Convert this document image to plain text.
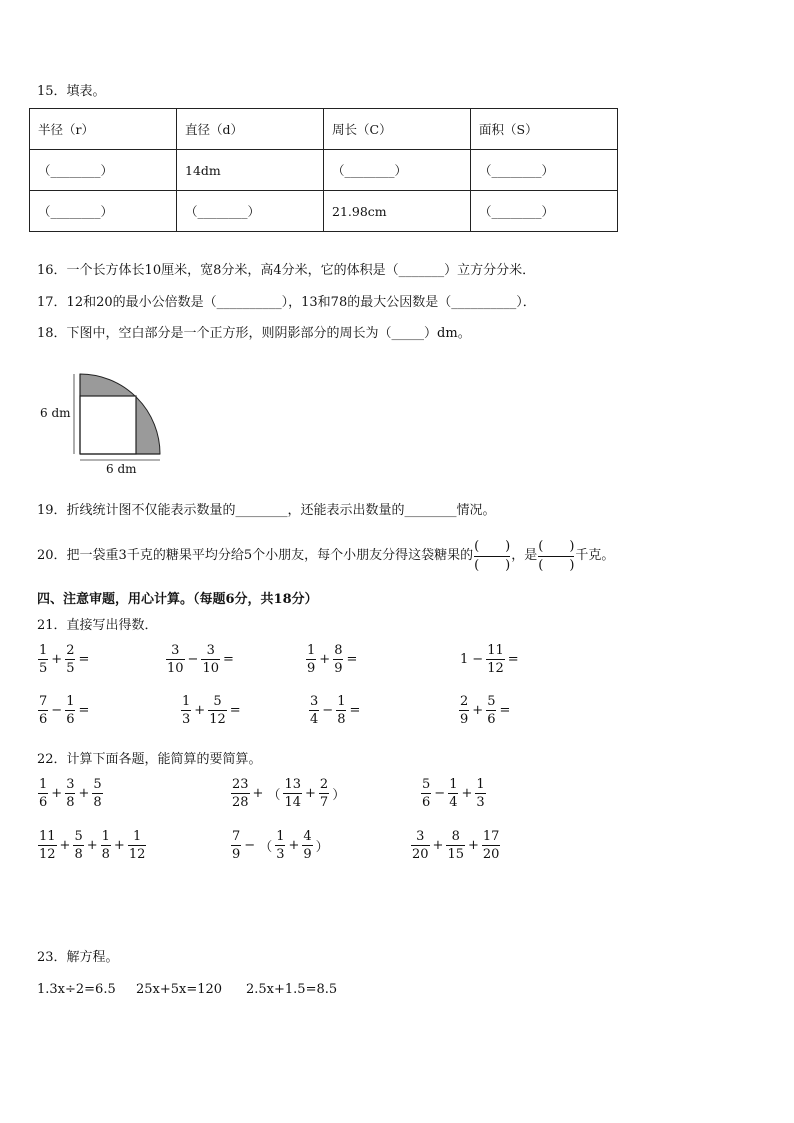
15．填表。
半径（r）	直径（d）	周长（C）	面积（S）
（________）	14dm	（________）	（________）
（________）	（________）	21.98cm	（________）
16．一个长方体长10厘米，宽8分米，高4分米，它的体积是（_______）立方分分米．
17．12和20的最小公倍数是（__________），13和78的最大公因数是（__________）．
18．下图中，空白部分是一个正方形，则阴影部分的周长为（_____）dm。
6 dm
6 dm
19．折线统计图不仅能表示数量的________，还能表示出数量的________情况。
20．把一袋重3千克的糖果平均分给5个小朋友，每个小朋友分得这袋糖果的
(　　)
(　　)
，是
(　　)
(　　)
千克。
四、注意审题，用心计算。（每题6分，共18分）
21．直接写出得数．
$\frac{1}{5} + \frac{2}{5}$ =	$\frac{3}{10} - \frac{3}{10}$ =	$\frac{1}{9} + \frac{8}{9}$ =	$1 - \frac{11}{12}$ =
$\frac{7}{6} - \frac{1}{6}$ =	$\frac{1}{3} + \frac{5}{12}$ =	$\frac{3}{4} - \frac{1}{8}$ =	$\frac{2}{9} + \frac{5}{6}$ =
22．计算下面各题，能简算的要简算。
$\frac{1}{6} + \frac{3}{8} + \frac{5}{8}$	$\frac{23}{28}$ + （ $\frac{13}{14} + \frac{2}{7}$ ）	$\frac{5}{6} - \frac{1}{4} + \frac{1}{3}$
$\frac{11}{12} + \frac{5}{8} + \frac{1}{8} + \frac{1}{12}$	$\frac{7}{9}$ − （ $\frac{1}{3} + \frac{4}{9}$ ）	$\frac{3}{20} + \frac{8}{15} + \frac{17}{20}$
23．解方程。
1.3x÷2=6.5 25x+5x=120 2.5x+1.5=8.5
